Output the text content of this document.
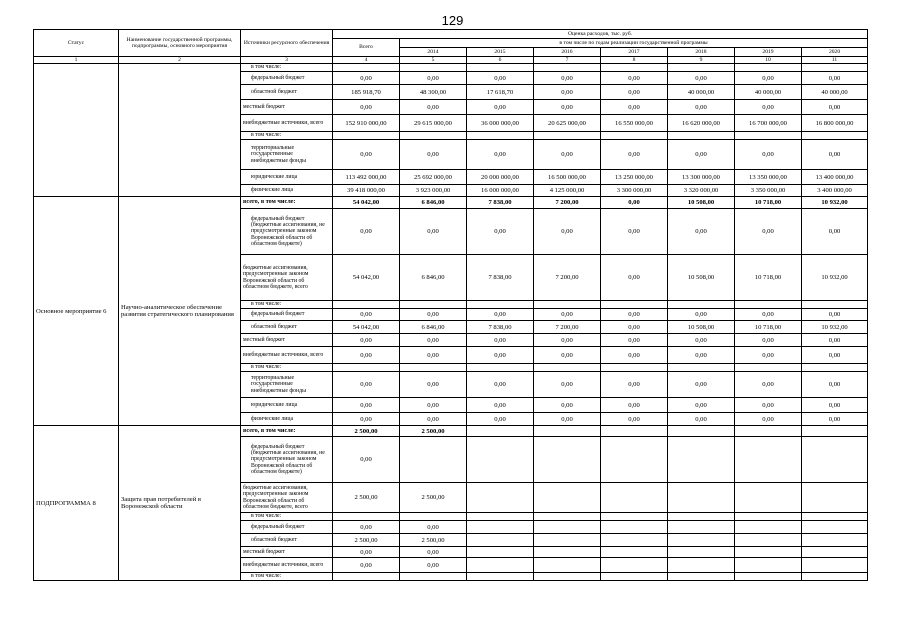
129
Статус	Наименование государственной программы, подпрограммы, основного мероприятия	Источники ресурсного обеспечения	Оценка расходов, тыс. руб.							
			Всего	в том числе по годам реализации государственной программы						
				2014	2015	2016	2017	2018	2019	2020
1	2	3	4	5	6	7	8	9	10	11
		в том числе:								
		федеральный бюджет	0,00	0,00	0,00	0,00	0,00	0,00	0,00	0,00
		областной бюджет	185 918,70	48 300,00	17 618,70	0,00	0,00	40 000,00	40 000,00	40 000,00
		местный бюджет	0,00	0,00	0,00	0,00	0,00	0,00	0,00	0,00
		внебюджетные источники, всего	152 910 000,00	29 615 000,00	36 000 000,00	20 625 000,00	16 550 000,00	16 620 000,00	16 700 000,00	16 800 000,00
		в том числе:								
		территориальные государственные внебюджетные фонды	0,00	0,00	0,00	0,00	0,00	0,00	0,00	0,00
		юридические лица	113 492 000,00	25 692 000,00	20 000 000,00	16 500 000,00	13 250 000,00	13 300 000,00	13 350 000,00	13 400 000,00
		физические лица	39 418 000,00	3 923 000,00	16 000 000,00	4 125 000,00	3 300 000,00	3 320 000,00	3 350 000,00	3 400 000,00
Основное мероприятие 6	Научно-аналитическое обеспечение развития стратегического планирования	всего, в том числе:	54 042,00	6 846,00	7 838,00	7 200,00	0,00	10 508,00	10 718,00	10 932,00
		федеральный бюджет (бюджетные ассигнования, не предусмотренные законом Воронежской области об областном бюджете)	0,00	0,00	0,00	0,00	0,00	0,00	0,00	0,00
		бюджетные ассигнования, предусмотренные законом Воронежской области об областном бюджете, всего	54 042,00	6 846,00	7 838,00	7 200,00	0,00	10 508,00	10 718,00	10 932,00
		в том числе:								
		федеральный бюджет	0,00	0,00	0,00	0,00	0,00	0,00	0,00	0,00
		областной бюджет	54 042,00	6 846,00	7 838,00	7 200,00	0,00	10 508,00	10 718,00	10 932,00
		местный бюджет	0,00	0,00	0,00	0,00	0,00	0,00	0,00	0,00
		внебюджетные источники, всего	0,00	0,00	0,00	0,00	0,00	0,00	0,00	0,00
		в том числе:								
		территориальные государственные внебюджетные фонды	0,00	0,00	0,00	0,00	0,00	0,00	0,00	0,00
		юридические лица	0,00	0,00	0,00	0,00	0,00	0,00	0,00	0,00
		физические лица	0,00	0,00	0,00	0,00	0,00	0,00	0,00	0,00
ПОДПРОГРАММА 8	Защита прав потребителей в Воронежской области	всего, в том числе:	2 500,00	2 500,00						
		федеральный бюджет (бюджетные ассигнования, не предусмотренные законом Воронежской области об областном бюджете)	0,00							
		бюджетные ассигнования, предусмотренные законом Воронежской области об областном бюджете, всего	2 500,00	2 500,00						
		в том числе:								
		федеральный бюджет	0,00	0,00						
		областной бюджет	2 500,00	2 500,00						
		местный бюджет	0,00	0,00						
		внебюджетные источники, всего	0,00	0,00						
		в том числе:								
